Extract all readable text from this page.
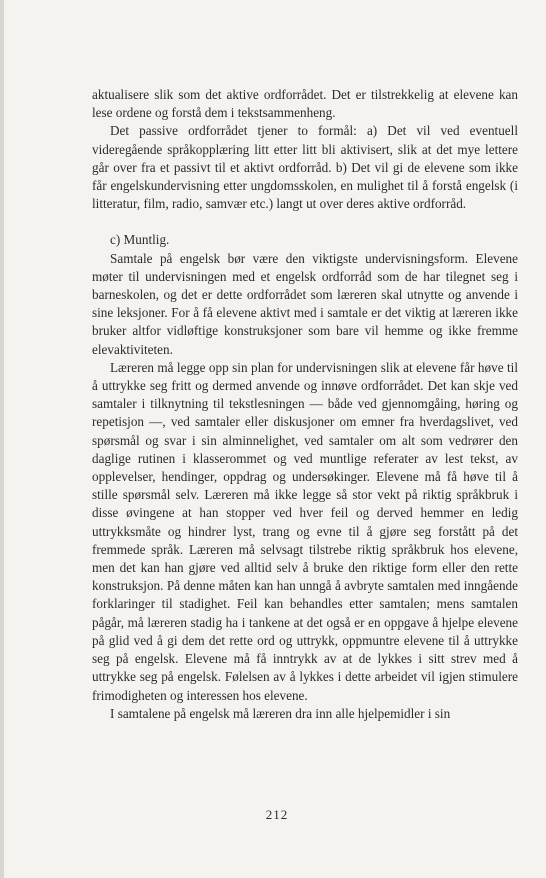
aktualisere slik som det aktive ordforrådet. Det er tilstrekkelig at elevene kan lese ordene og forstå dem i tekstsammenheng.

Det passive ordforrådet tjener to formål: a) Det vil ved eventuell videregående språkopplæring litt etter litt bli aktivisert, slik at det mye lettere går over fra et passivt til et aktivt ordforråd. b) Det vil gi de elevene som ikke får engelskundervisning etter ungdomsskolen, en mulighet til å forstå engelsk (i litteratur, film, radio, samvær etc.) langt ut over deres aktive ordforråd.

c) Muntlig.

Samtale på engelsk bør være den viktigste undervisningsform. Elevene møter til undervisningen med et engelsk ordforråd som de har tilegnet seg i barneskolen, og det er dette ordforrådet som læreren skal utnytte og anvende i sine leksjoner. For å få elevene aktivt med i samtale er det viktig at læreren ikke bruker altfor vidløftige konstruksjoner som bare vil hemme og ikke fremme elevaktiviteten.

Læreren må legge opp sin plan for undervisningen slik at elevene får høve til å uttrykke seg fritt og dermed anvende og innøve ordforrådet. Det kan skje ved samtaler i tilknytning til tekstlesningen — både ved gjennomgåing, høring og repetisjon —, ved samtaler eller diskusjoner om emner fra hverdagslivet, ved spørsmål og svar i sin alminnelighet, ved samtaler om alt som vedrører den daglige rutinen i klasserommet og ved muntlige referater av lest tekst, av opplevelser, hendinger, oppdrag og undersøkinger. Elevene må få høve til å stille spørsmål selv. Læreren må ikke legge så stor vekt på riktig språkbruk i disse øvingene at han stopper ved hver feil og derved hemmer en ledig uttrykksmåte og hindrer lyst, trang og evne til å gjøre seg forstått på det fremmede språk. Læreren må selvsagt tilstrebe riktig språkbruk hos elevene, men det kan han gjøre ved alltid selv å bruke den riktige form eller den rette konstruksjon. På denne måten kan han unngå å avbryte samtalen med inngående forklaringer til stadighet. Feil kan behandles etter samtalen; mens samtalen pågår, må læreren stadig ha i tankene at det også er en oppgave å hjelpe elevene på glid ved å gi dem det rette ord og uttrykk, oppmuntre elevene til å uttrykke seg på engelsk. Elevene må få inntrykk av at de lykkes i sitt strev med å uttrykke seg på engelsk. Følelsen av å lykkes i dette arbeidet vil igjen stimulere frimodigheten og interessen hos elevene.

I samtalene på engelsk må læreren dra inn alle hjelpemidler i sin

212
